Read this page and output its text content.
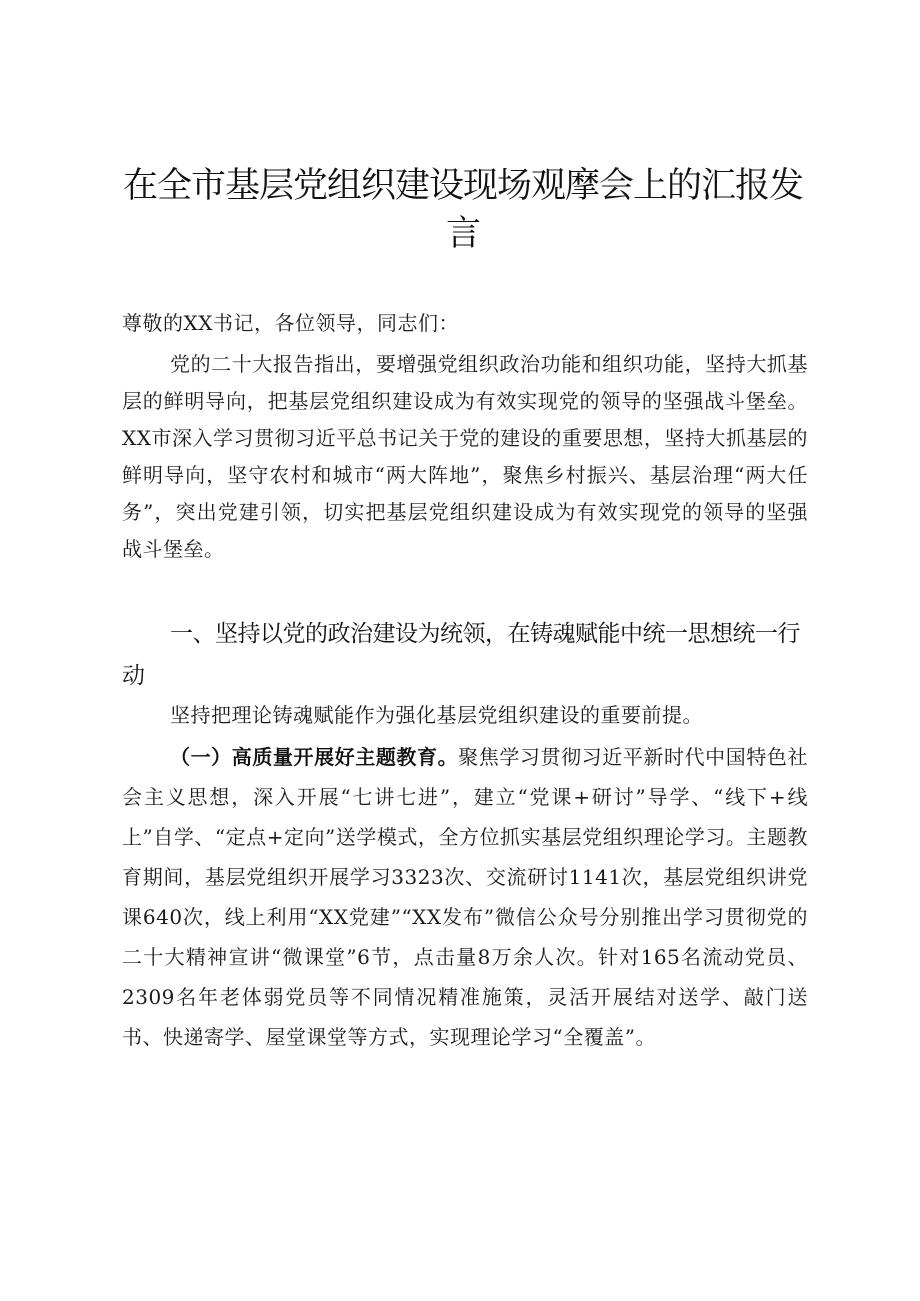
在全市基层党组织建设现场观摩会上的汇报发言

尊敬的XX书记，各位领导，同志们：

党的二十大报告指出，要增强党组织政治功能和组织功能，坚持大抓基层的鲜明导向，把基层党组织建设成为有效实现党的领导的坚强战斗堡垒。XX市深入学习贯彻习近平总书记关于党的建设的重要思想，坚持大抓基层的鲜明导向，坚守农村和城市“两大阵地”，聚焦乡村振兴、基层治理“两大任务”，突出党建引领，切实把基层党组织建设成为有效实现党的领导的坚强战斗堡垒。

一、坚持以党的政治建设为统领，在铸魂赋能中统一思想统一行动

坚持把理论铸魂赋能作为强化基层党组织建设的重要前提。

（一）高质量开展好主题教育。聚焦学习贯彻习近平新时代中国特色社会主义思想，深入开展“七讲七进”，建立“党课+研讨”导学、“线下+线上”自学、“定点+定向”送学模式，全方位抓实基层党组织理论学习。主题教育期间，基层党组织开展学习3323次、交流研讨1141次，基层党组织讲党课640次，线上利用“XX党建”“XX发布”微信公众号分别推出学习贯彻党的二十大精神宣讲“微课堂”6节，点击量8万余人次。针对165名流动党员、2309名年老体弱党员等不同情况精准施策，灵活开展结对送学、敲门送书、快递寄学、屋堂课堂等方式，实现理论学习“全覆盖”。
